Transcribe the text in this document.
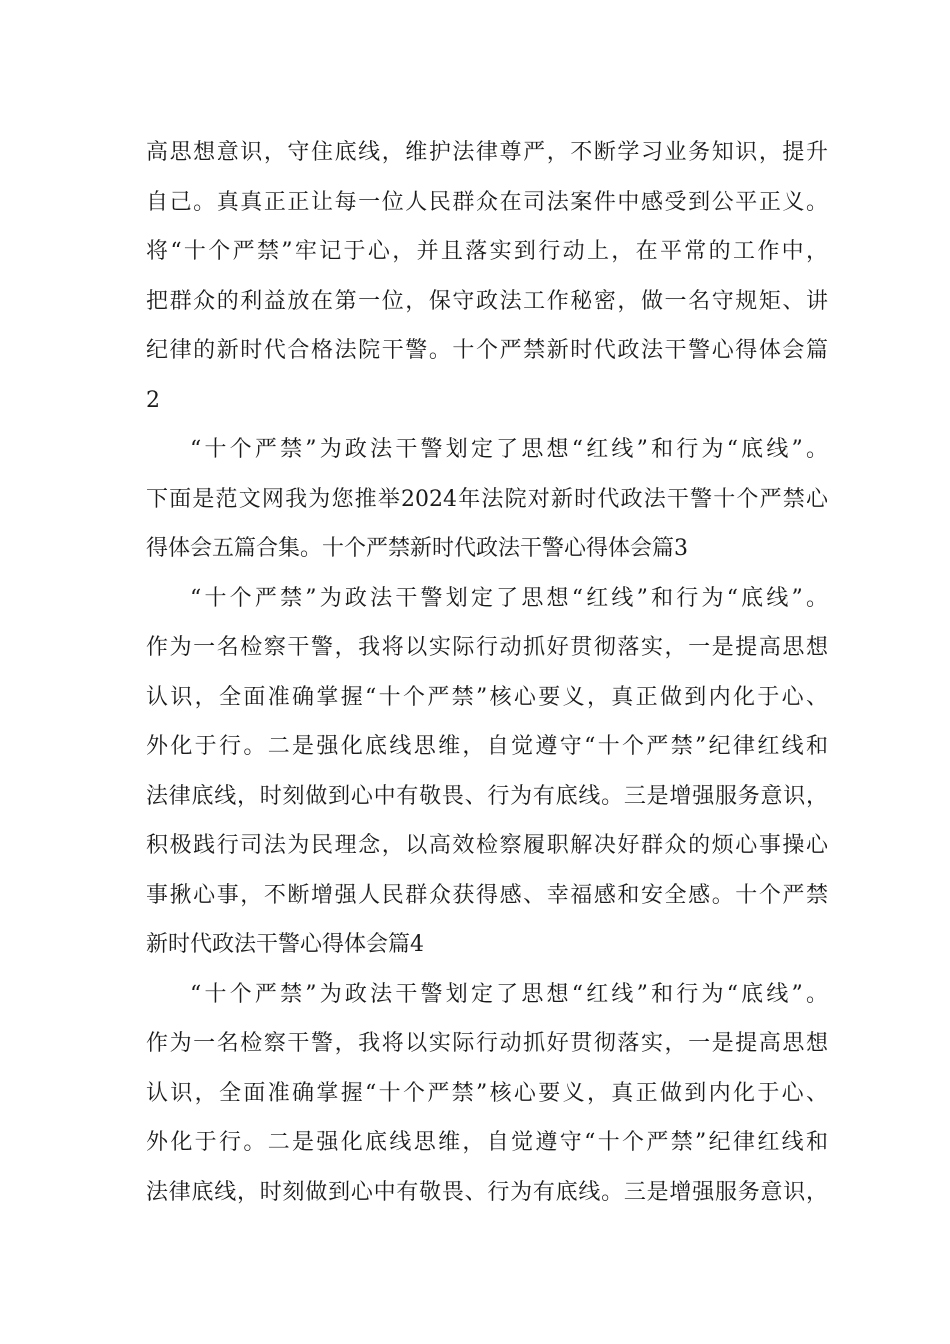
高思想意识，守住底线，维护法律尊严，不断学习业务知识，提升
自己。真真正正让每一位人民群众在司法案件中感受到公平正义。
将“十个严禁”牢记于心，并且落实到行动上，在平常的工作中，
把群众的利益放在第一位，保守政法工作秘密，做一名守规矩、讲
纪律的新时代合格法院干警。十个严禁新时代政法干警心得体会篇
2
“十个严禁”为政法干警划定了思想“红线”和行为“底线”。
下面是范文网我为您推举2024年法院对新时代政法干警十个严禁心
得体会五篇合集。十个严禁新时代政法干警心得体会篇3
“十个严禁”为政法干警划定了思想“红线”和行为“底线”。
作为一名检察干警，我将以实际行动抓好贯彻落实，一是提高思想
认识，全面准确掌握“十个严禁”核心要义，真正做到内化于心、
外化于行。二是强化底线思维，自觉遵守“十个严禁”纪律红线和
法律底线，时刻做到心中有敬畏、行为有底线。三是增强服务意识，
积极践行司法为民理念，以高效检察履职解决好群众的烦心事操心
事揪心事，不断增强人民群众获得感、幸福感和安全感。十个严禁
新时代政法干警心得体会篇4
“十个严禁”为政法干警划定了思想“红线”和行为“底线”。
作为一名检察干警，我将以实际行动抓好贯彻落实，一是提高思想
认识，全面准确掌握“十个严禁”核心要义，真正做到内化于心、
外化于行。二是强化底线思维，自觉遵守“十个严禁”纪律红线和
法律底线，时刻做到心中有敬畏、行为有底线。三是增强服务意识，
